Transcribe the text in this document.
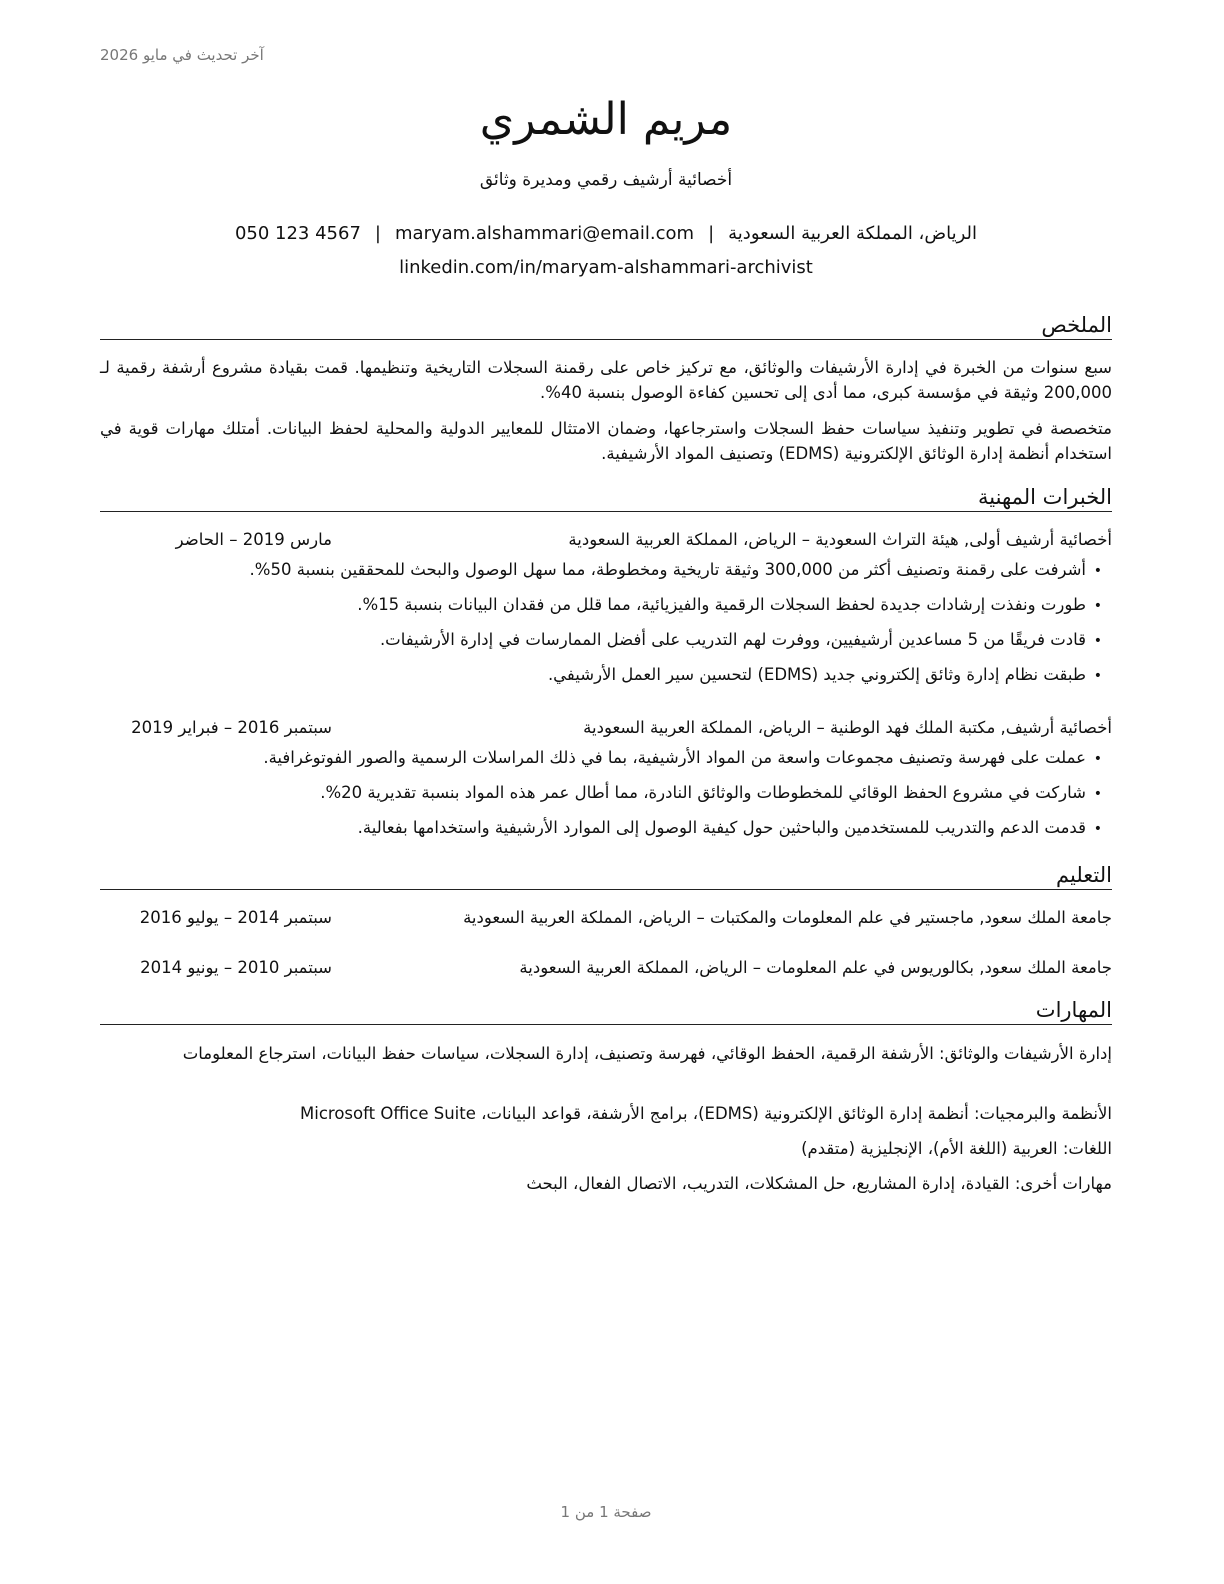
آخر تحديث في مايو 2026
مريم الشمري
أخصائية أرشيف رقمي ومديرة وثائق
الرياض، المملكة العربية السعودية|maryam.alshammari@email.com|050 123 4567
linkedin.com/in/maryam-alshammari-archivist
الملخص
سبع سنوات من الخبرة في إدارة الأرشيفات والوثائق، مع تركيز خاص على رقمنة السجلات التاريخية وتنظيمها. قمت بقيادة مشروع أرشفة رقمية لـ 200,000 وثيقة في مؤسسة كبرى، مما أدى إلى تحسين كفاءة الوصول بنسبة 40%.
متخصصة في تطوير وتنفيذ سياسات حفظ السجلات واسترجاعها، وضمان الامتثال للمعايير الدولية والمحلية لحفظ البيانات. أمتلك مهارات قوية في استخدام أنظمة إدارة الوثائق الإلكترونية (EDMS) وتصنيف المواد الأرشيفية.
الخبرات المهنية
أخصائية أرشيف أولى, هيئة التراث السعودية – الرياض، المملكة العربية السعودية
مارس 2019 – الحاضر
•أشرفت على رقمنة وتصنيف أكثر من 300,000 وثيقة تاريخية ومخطوطة، مما سهل الوصول والبحث للمحققين بنسبة 50%.
•طورت ونفذت إرشادات جديدة لحفظ السجلات الرقمية والفيزيائية، مما قلل من فقدان البيانات بنسبة 15%.
•قادت فريقًا من 5 مساعدين أرشيفيين، ووفرت لهم التدريب على أفضل الممارسات في إدارة الأرشيفات.
•طبقت نظام إدارة وثائق إلكتروني جديد (EDMS) لتحسين سير العمل الأرشيفي.
أخصائية أرشيف, مكتبة الملك فهد الوطنية – الرياض، المملكة العربية السعودية
سبتمبر 2016 – فبراير 2019
•عملت على فهرسة وتصنيف مجموعات واسعة من المواد الأرشيفية، بما في ذلك المراسلات الرسمية والصور الفوتوغرافية.
•شاركت في مشروع الحفظ الوقائي للمخطوطات والوثائق النادرة، مما أطال عمر هذه المواد بنسبة تقديرية 20%.
•قدمت الدعم والتدريب للمستخدمين والباحثين حول كيفية الوصول إلى الموارد الأرشيفية واستخدامها بفعالية.
التعليم
جامعة الملك سعود, ماجستير في علم المعلومات والمكتبات – الرياض، المملكة العربية السعودية
سبتمبر 2014 – يوليو 2016
جامعة الملك سعود, بكالوريوس في علم المعلومات – الرياض، المملكة العربية السعودية
سبتمبر 2010 – يونيو 2014
المهارات
إدارة الأرشيفات والوثائق: الأرشفة الرقمية، الحفظ الوقائي، فهرسة وتصنيف، إدارة السجلات، سياسات حفظ البيانات، استرجاع المعلومات
الأنظمة والبرمجيات: أنظمة إدارة الوثائق الإلكترونية (EDMS)، برامج الأرشفة، قواعد البيانات، Microsoft Office Suite
اللغات: العربية (اللغة الأم)، الإنجليزية (متقدم)
مهارات أخرى: القيادة، إدارة المشاريع، حل المشكلات، التدريب، الاتصال الفعال، البحث
صفحة 1 من 1
